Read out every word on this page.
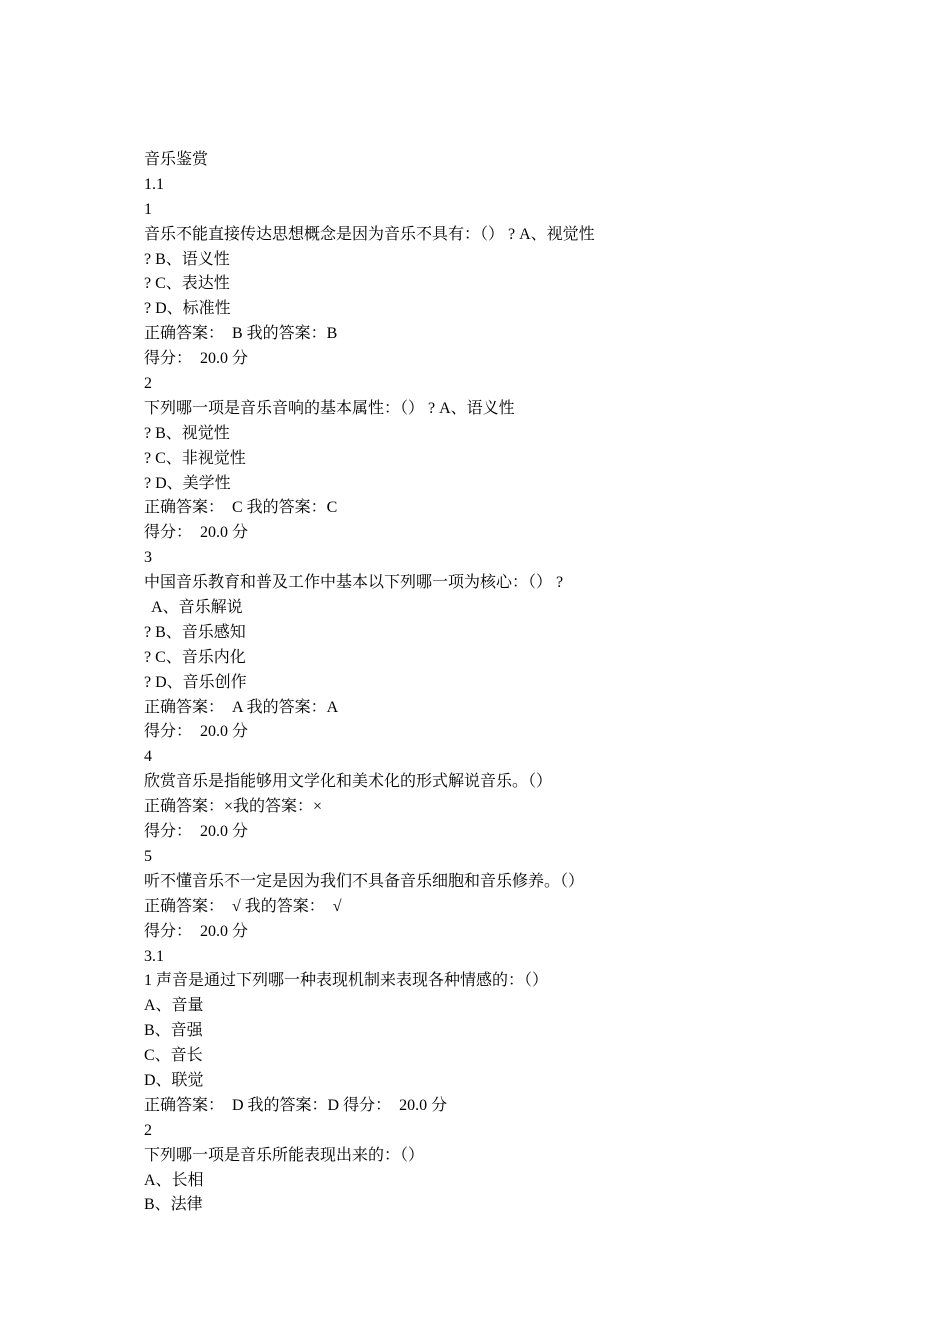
音乐鉴赏
1.1
1
音乐不能直接传达思想概念是因为音乐不具有：（） ? A、视觉性
? B、语义性
? C、表达性
? D、标准性
正确答案：  B 我的答案：B
得分：  20.0 分
2
下列哪一项是音乐音响的基本属性：（） ? A、语义性
? B、视觉性
? C、非视觉性
? D、美学性
正确答案：  C 我的答案：C
得分：  20.0 分
3
中国音乐教育和普及工作中基本以下列哪一项为核心：（） ?
A、音乐解说
? B、音乐感知
? C、音乐内化
? D、音乐创作
正确答案：  A 我的答案：A
得分：  20.0 分
4
欣赏音乐是指能够用文学化和美术化的形式解说音乐。（）
正确答案：×我的答案：×
得分：  20.0 分
5
听不懂音乐不一定是因为我们不具备音乐细胞和音乐修养。（）
正确答案：  √ 我的答案：  √
得分：  20.0 分
3.1
1 声音是通过下列哪一种表现机制来表现各种情感的：（）
A、音量
B、音强
C、音长
D、联觉
正确答案：  D 我的答案：D 得分：  20.0 分
2
下列哪一项是音乐所能表现出来的：（）
A、长相
B、法律
